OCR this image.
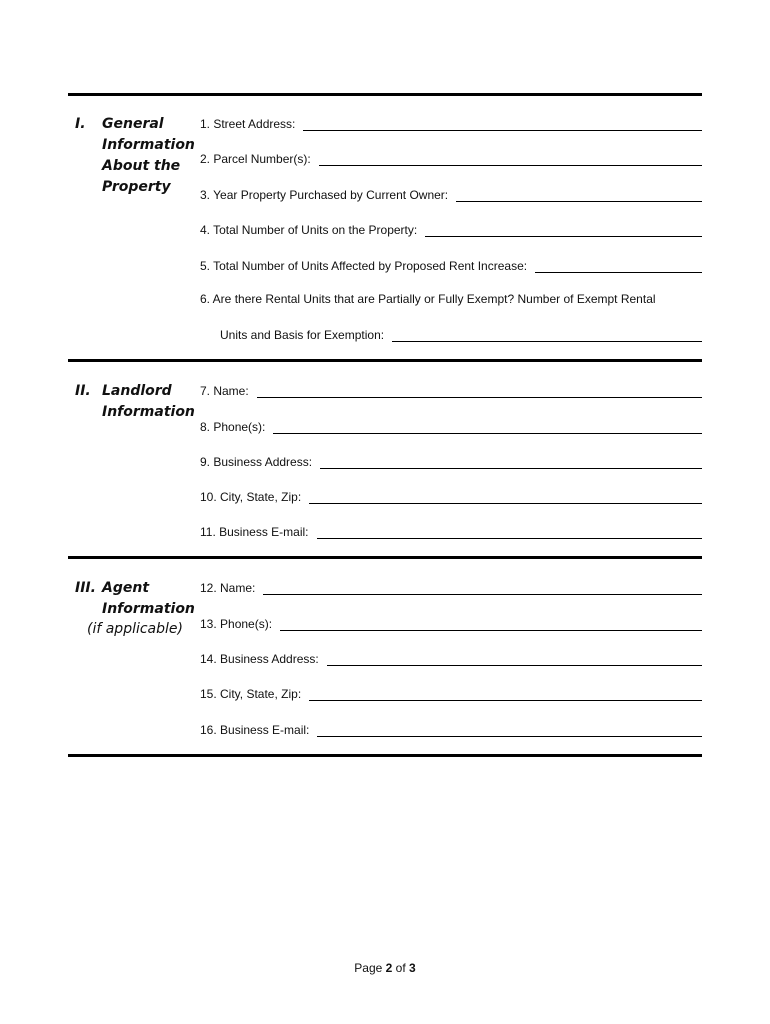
I. General
Information
About the
Property
1. Street Address:
2. Parcel Number(s):
3. Year Property Purchased by Current Owner:
4. Total Number of Units on the Property:
5. Total Number of Units Affected by Proposed Rent Increase:
6. Are there Rental Units that are Partially or Fully Exempt? Number of Exempt Rental
Units and Basis for Exemption:
II. Landlord
Information
7. Name:
8. Phone(s):
9. Business Address:
10. City, State, Zip:
11. Business E-mail:
III. Agent
Information
(if applicable)
12. Name:
13. Phone(s):
14. Business Address:
15. City, State, Zip:
16. Business E-mail:
Page 2 of 3
